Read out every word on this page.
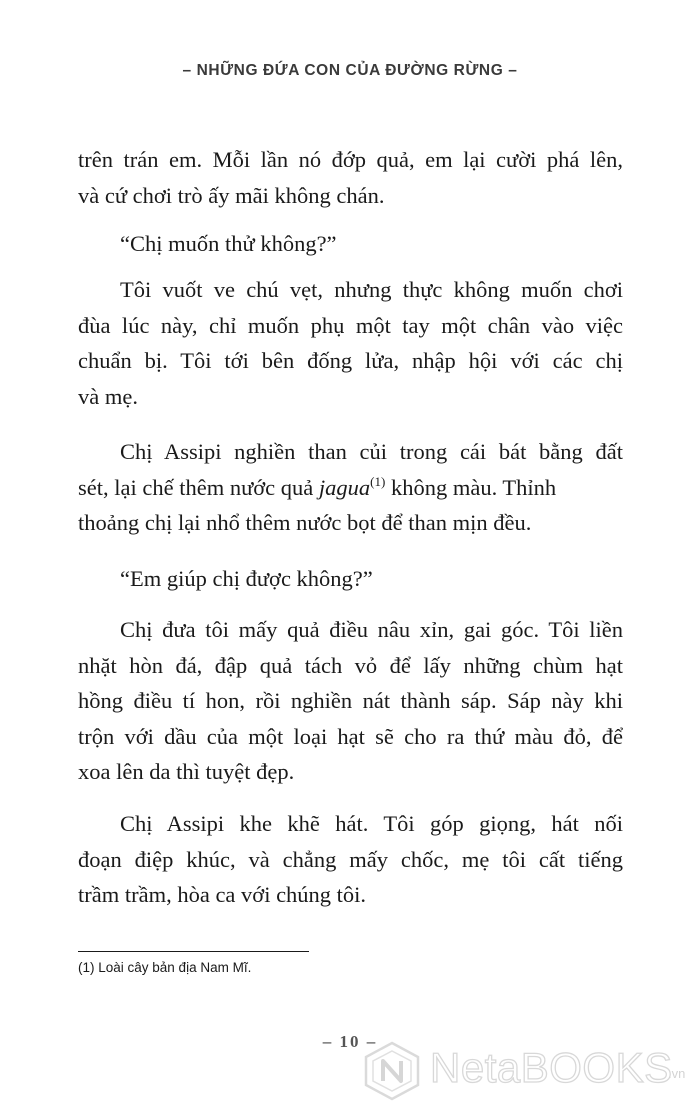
– NHỮNG ĐỨA CON CỦA ĐƯỜNG RỪNG –

trên trán em. Mỗi lần nó đớp quả, em lại cười phá lên,
và cứ chơi trò ấy mãi không chán.

“Chị muốn thử không?”

Tôi vuốt ve chú vẹt, nhưng thực không muốn chơi
đùa lúc này, chỉ muốn phụ một tay một chân vào việc
chuẩn bị. Tôi tới bên đống lửa, nhập hội với các chị
và mẹ.

Chị Assipi nghiền than củi trong cái bát bằng đất
sét, lại chế thêm nước quả jagua$^{(1)}$ không màu. Thỉnh
thoảng chị lại nhổ thêm nước bọt để than mịn đều.

“Em giúp chị được không?”

Chị đưa tôi mấy quả điều nâu xỉn, gai góc. Tôi liền
nhặt hòn đá, đập quả tách vỏ để lấy những chùm hạt
hồng điều tí hon, rồi nghiền nát thành sáp. Sáp này khi
trộn với dầu của một loại hạt sẽ cho ra thứ màu đỏ, để
xoa lên da thì tuyệt đẹp.

Chị Assipi khe khẽ hát. Tôi góp giọng, hát nối
đoạn điệp khúc, và chẳng mấy chốc, mẹ tôi cất tiếng
trầm trầm, hòa ca với chúng tôi.

(1) Loài cây bản địa Nam Mĩ.
– 10 –
NetaBOOKS
.vn
